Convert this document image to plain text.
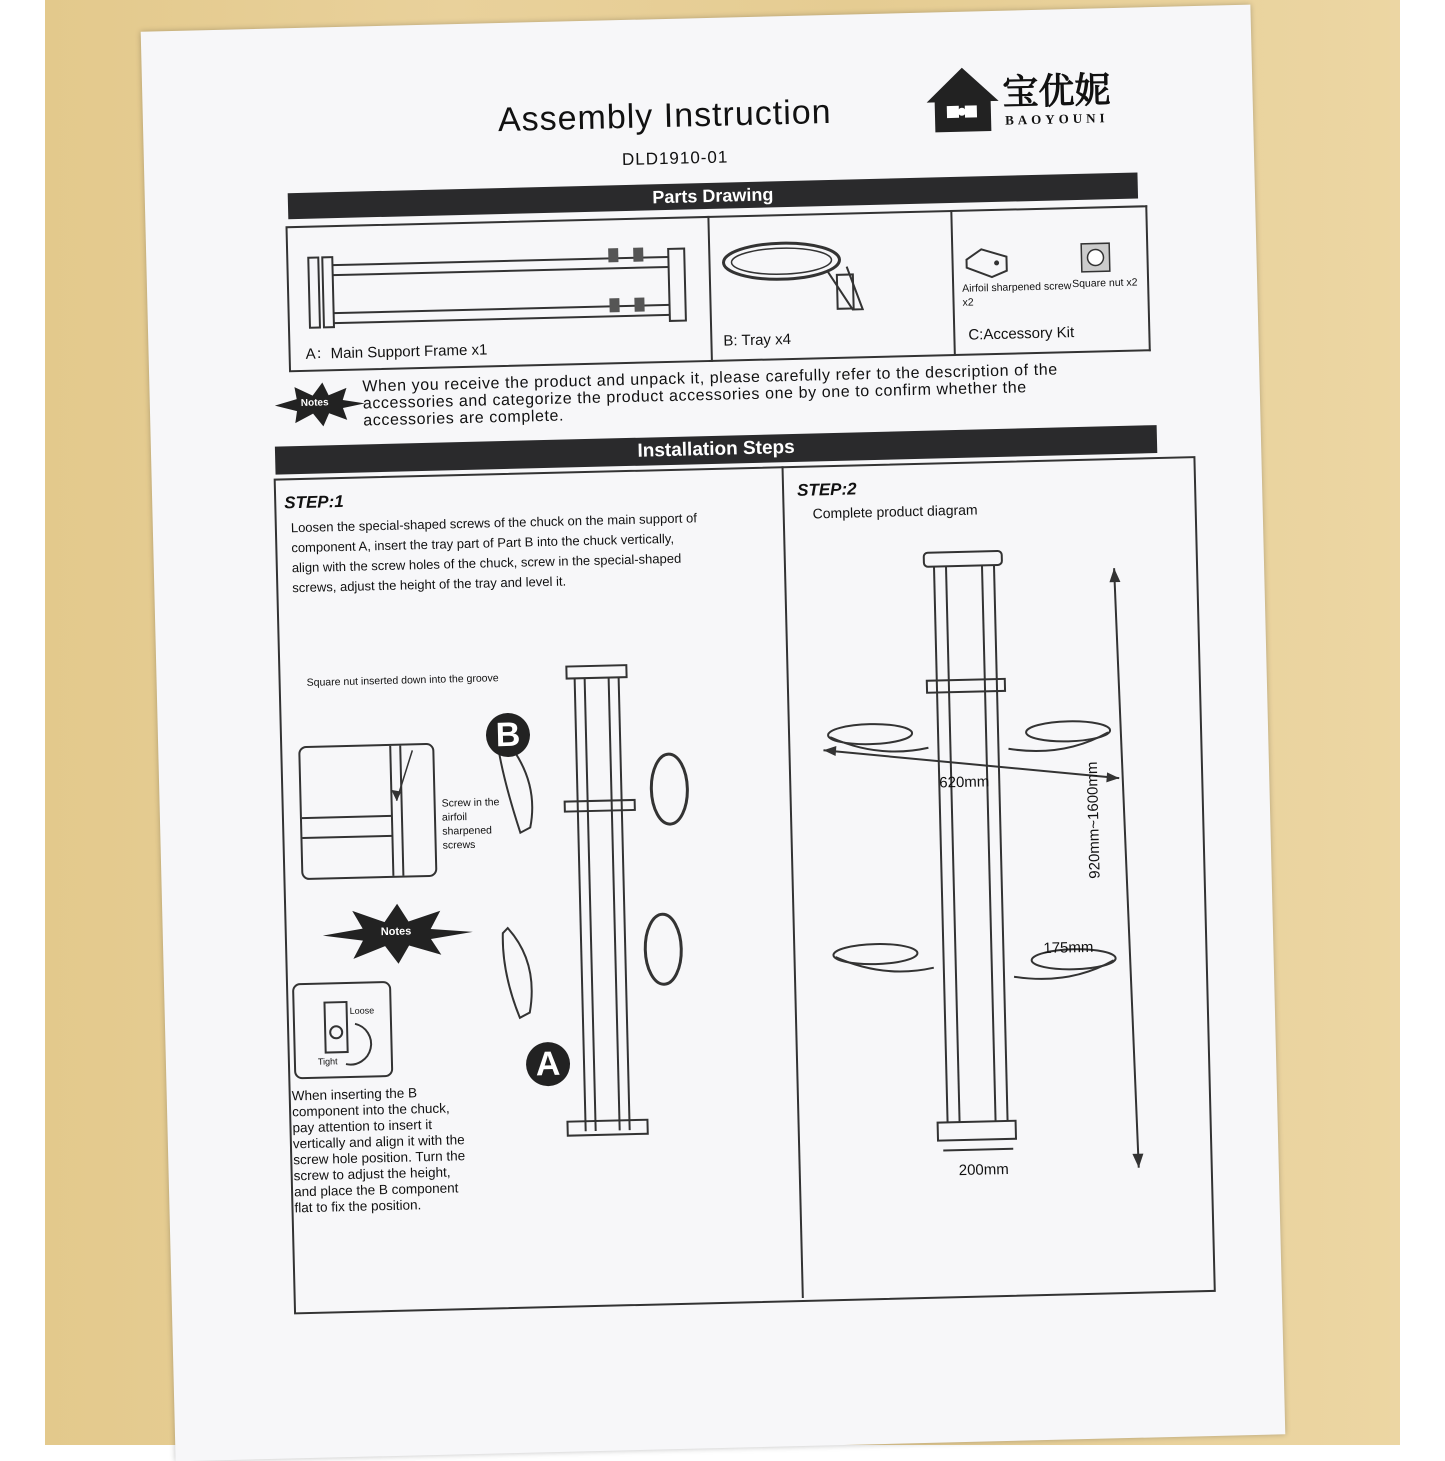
Assembly Instruction
DLD1910-01
宝优妮
BAOYOUNI
Parts Drawing
A：Main Support Frame x1
B: Tray x4
Airfoil sharpened screw x2
Square nut x2
C:Accessory Kit
Notes
When you receive the product and unpack it, please carefully refer to the description of the accessories and categorize the product accessories one by one to confirm whether the accessories are complete.
Installation Steps
STEP:1
Loosen the special-shaped screws of the chuck on the main support of component A, insert the tray part of Part B into the chuck vertically, align with the screw holes of the chuck, screw in the special-shaped screws, adjust the height of the tray and level it.
Square nut inserted down into the groove
Screw in the airfoil sharpened screws
Notes
Loose
Tight
When inserting the B component into the chuck, pay attention to insert it vertically and align it with the screw hole position. Turn the screw to adjust the height, and place the B component flat to fix the position.
B
A
STEP:2
Complete product diagram
620mm
175mm
200mm
920mm~1600mm
